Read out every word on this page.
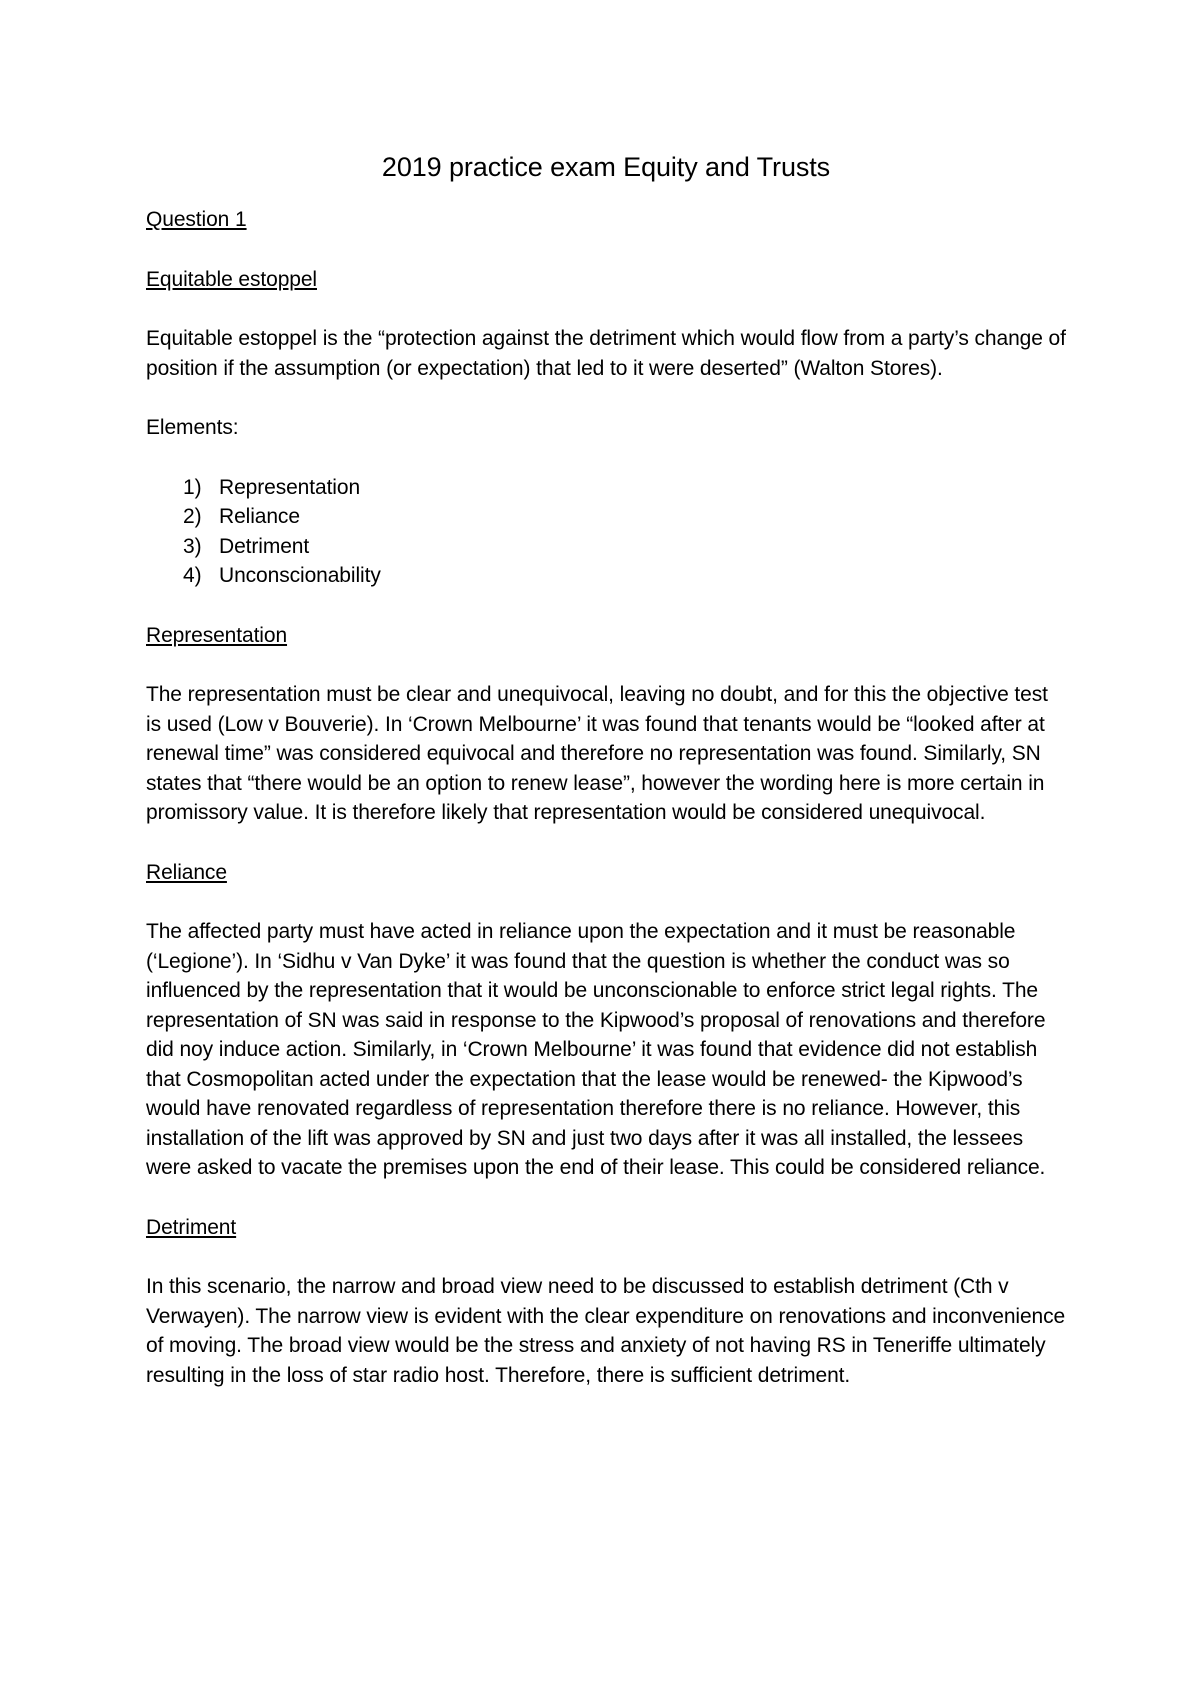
2019 practice exam Equity and Trusts
Question 1
Equitable estoppel

Equitable estoppel is the “protection against the detriment which would flow from a party’s change of position if the assumption (or expectation) that led to it were deserted” (Walton Stores).

Elements:

1) Representation
2) Reliance
3) Detriment
4) Unconscionability
Representation

The representation must be clear and unequivocal, leaving no doubt, and for this the objective test is used (Low v Bouverie). In ‘Crown Melbourne’ it was found that tenants would be “looked after at renewal time” was considered equivocal and therefore no representation was found. Similarly, SN states that “there would be an option to renew lease”, however the wording here is more certain in promissory value. It is therefore likely that representation would be considered unequivocal.

Reliance

The affected party must have acted in reliance upon the expectation and it must be reasonable (‘Legione’). In ‘Sidhu v Van Dyke’ it was found that the question is whether the conduct was so influenced by the representation that it would be unconscionable to enforce strict legal rights. The representation of SN was said in response to the Kipwood’s proposal of renovations and therefore did noy induce action. Similarly, in ‘Crown Melbourne’ it was found that evidence did not establish that Cosmopolitan acted under the expectation that the lease would be renewed- the Kipwood’s would have renovated regardless of representation therefore there is no reliance. However, this installation of the lift was approved by SN and just two days after it was all installed, the lessees were asked to vacate the premises upon the end of their lease. This could be considered reliance.

Detriment

In this scenario, the narrow and broad view need to be discussed to establish detriment (Cth v Verwayen). The narrow view is evident with the clear expenditure on renovations and inconvenience of moving. The broad view would be the stress and anxiety of not having RS in Teneriffe ultimately resulting in the loss of star radio host. Therefore, there is sufficient detriment.
